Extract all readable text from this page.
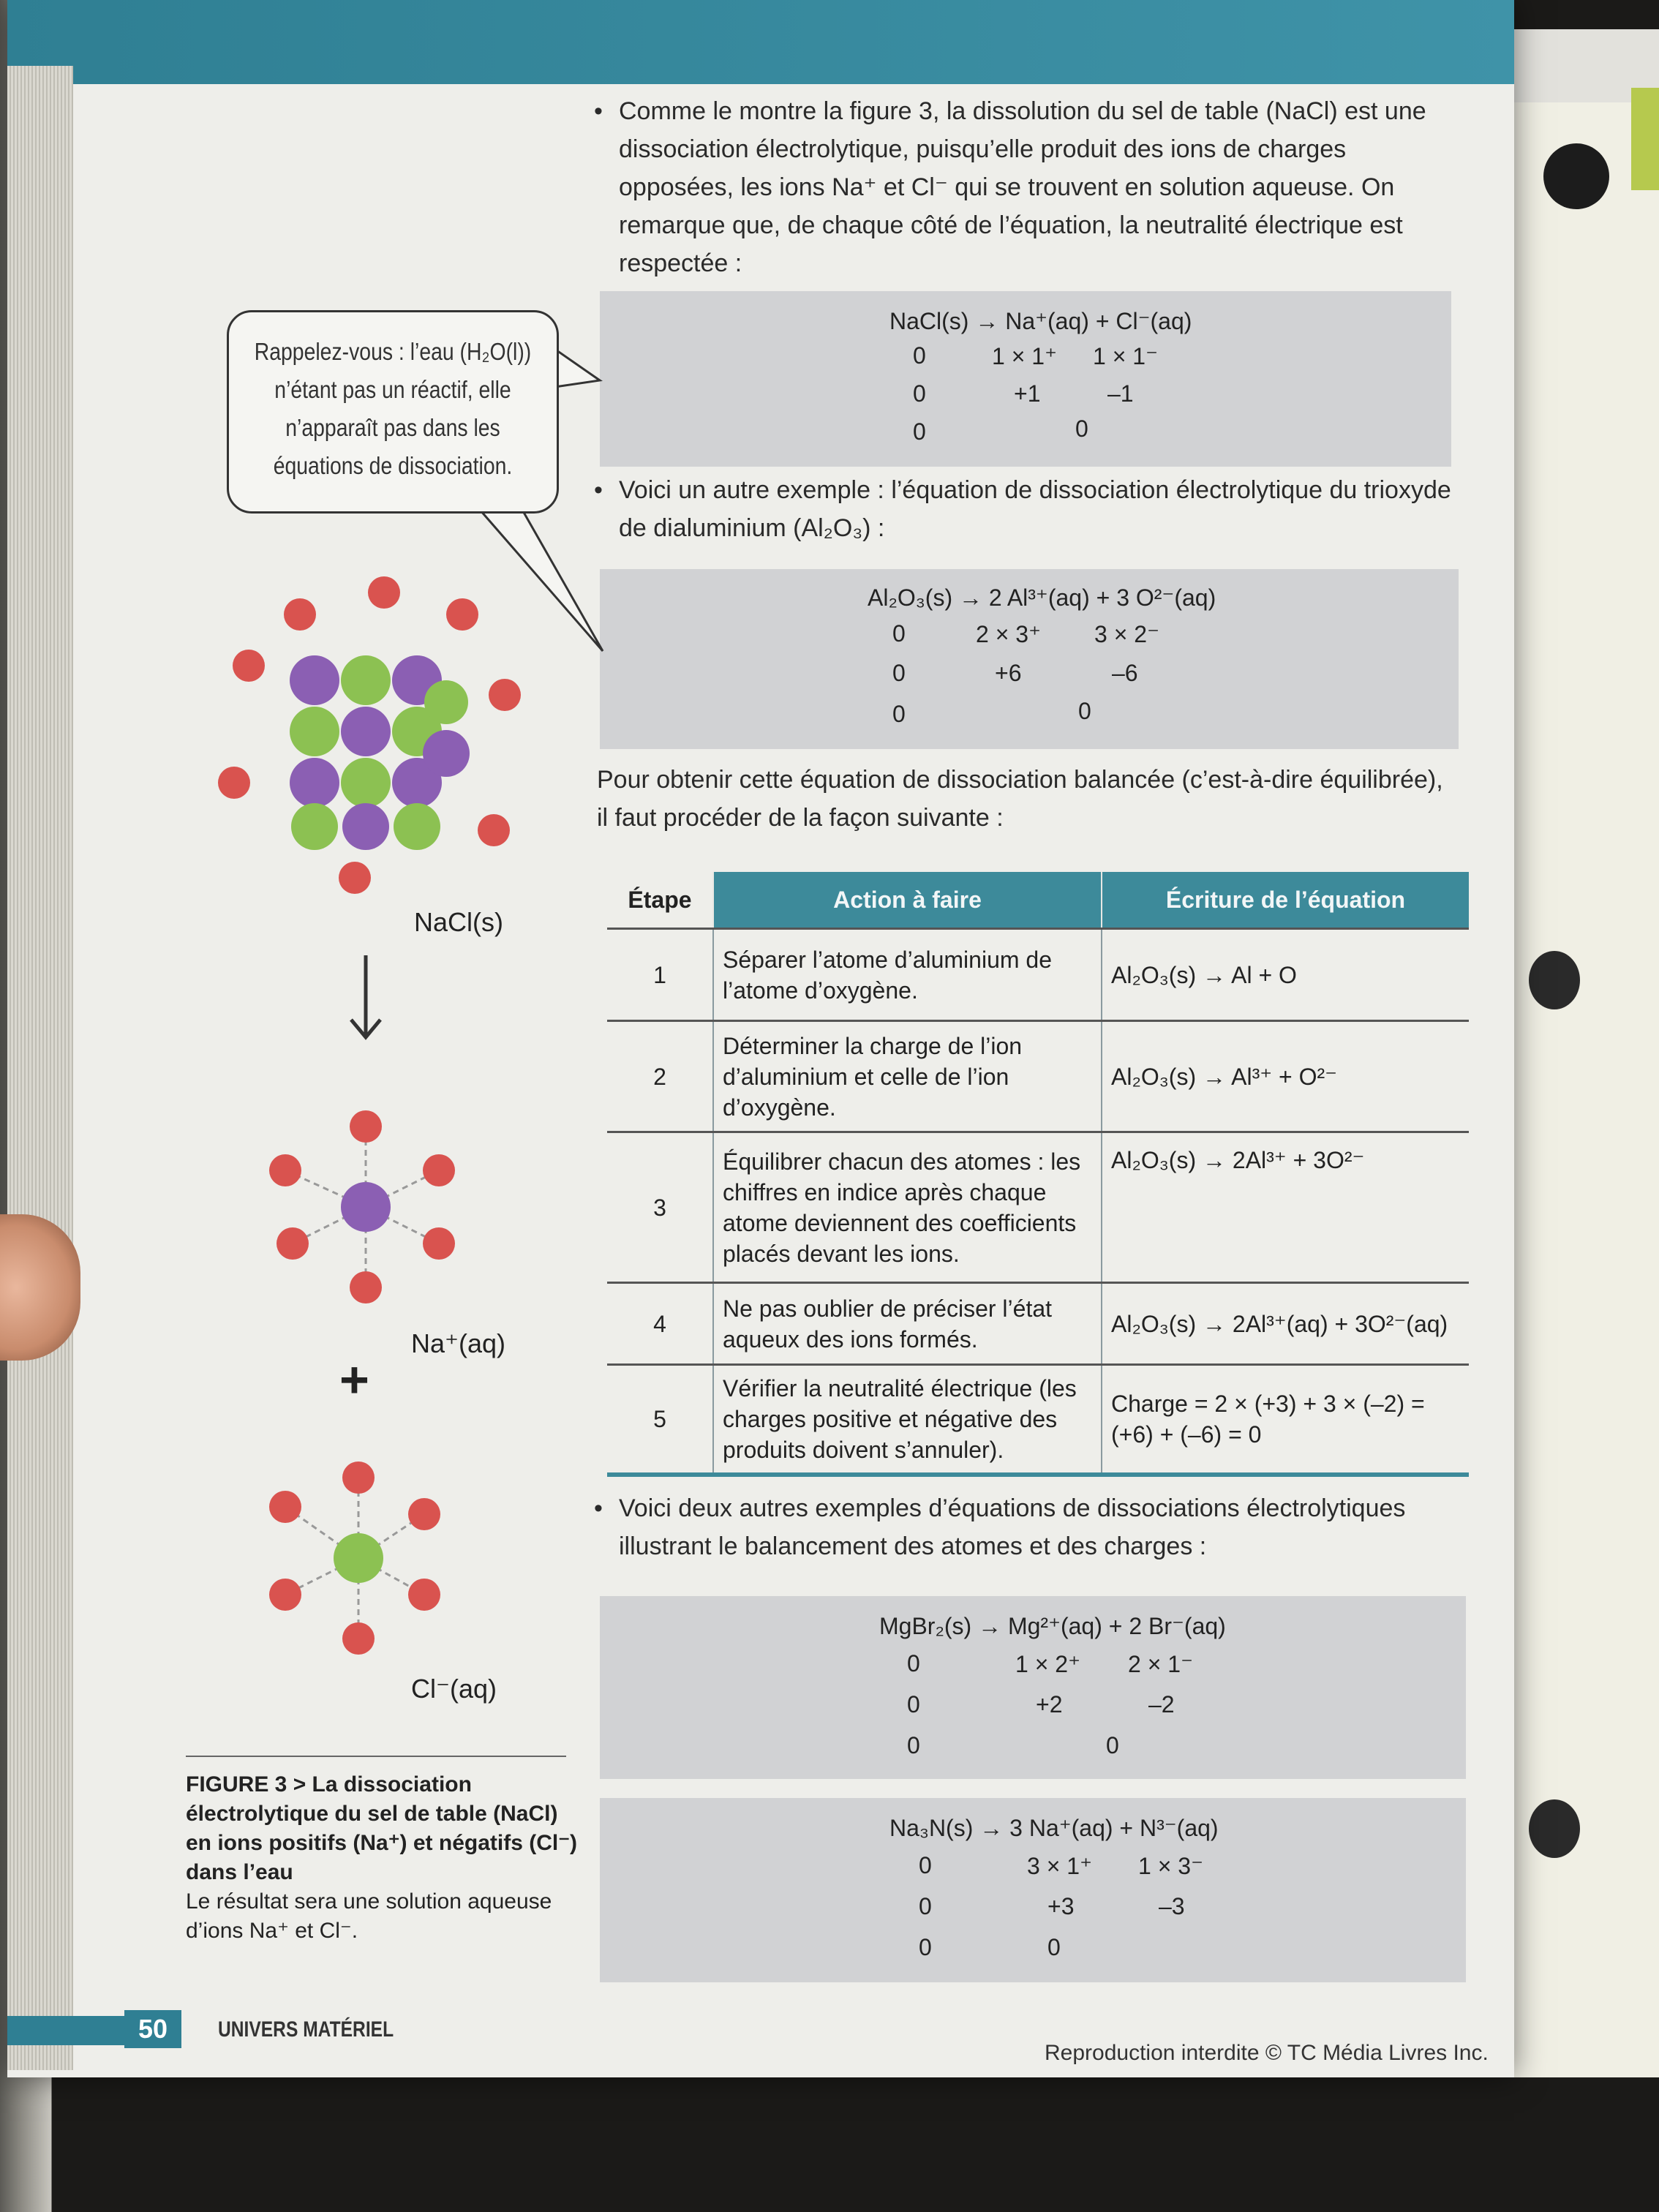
• Comme le montre la figure 3, la dissolution du sel de table (NaCl) est une dissociation électrolytique, puisqu’elle produit des ions de charges opposées, les ions Na⁺ et Cl⁻ qui se trouvent en solution aqueuse. On remarque que, de chaque côté de l’équation, la neutralité électrique est respectée :
NaCl(s) → Na⁺(aq) + Cl⁻(aq)
0	1 × 1⁺ 1 × 1⁻
0	+1	–1
0	0
• Voici un autre exemple : l’équation de dissociation électrolytique du trioxyde de dialuminium (Al₂O₃) :
Al₂O₃(s) → 2 Al³⁺(aq) + 3 O²⁻(aq)
0	2 × 3⁺ 3 × 2⁻
0	+6	–6
0	0
Pour obtenir cette équation de dissociation balancée (c’est-à-dire équilibrée), il faut procéder de la façon suivante :
Étape	Action à faire	Écriture de l’équation
1	Séparer l’atome d’aluminium de l’atome d’oxygène.	Al₂O₃(s) → Al + O
2	Déterminer la charge de l’ion d’aluminium et celle de l’ion d’oxygène.	Al₂O₃(s) → Al³⁺ + O²⁻
3	Équilibrer chacun des atomes : les chiffres en indice après chaque atome deviennent des coefficients placés devant les ions.	Al₂O₃(s) → 2Al³⁺ + 3O²⁻
4	Ne pas oublier de préciser l’état aqueux des ions formés.	Al₂O₃(s) → 2Al³⁺(aq) + 3O²⁻(aq)
5	Vérifier la neutralité électrique (les charges positive et négative des produits doivent s’annuler).	Charge = 2 × (+3) + 3 × (–2) = (+6) + (–6) = 0
• Voici deux autres exemples d’équations de dissociations électrolytiques illustrant le balancement des atomes et des charges :
MgBr₂(s) → Mg²⁺(aq) + 2 Br⁻(aq)
0	1 × 2⁺ 2 × 1⁻
0	+2	–2
0	0
Na₃N(s) → 3 Na⁺(aq) + N³⁻(aq)
0	3 × 1⁺ 1 × 3⁻
0	+3	–3
0	0
Rappelez-vous : l’eau (H₂O(l)) n’étant pas un réactif, elle n’apparaît pas dans les équations de dissociation.
NaCl(s)
Na⁺(aq)
+
Cl⁻(aq)
FIGURE 3 > La dissociation électrolytique du sel de table (NaCl) en ions positifs (Na⁺) et négatifs (Cl⁻) dans l’eau
Le résultat sera une solution aqueuse d’ions Na⁺ et Cl⁻.
50	UNIVERS MATÉRIEL
Reproduction interdite © TC Média Livres Inc.
